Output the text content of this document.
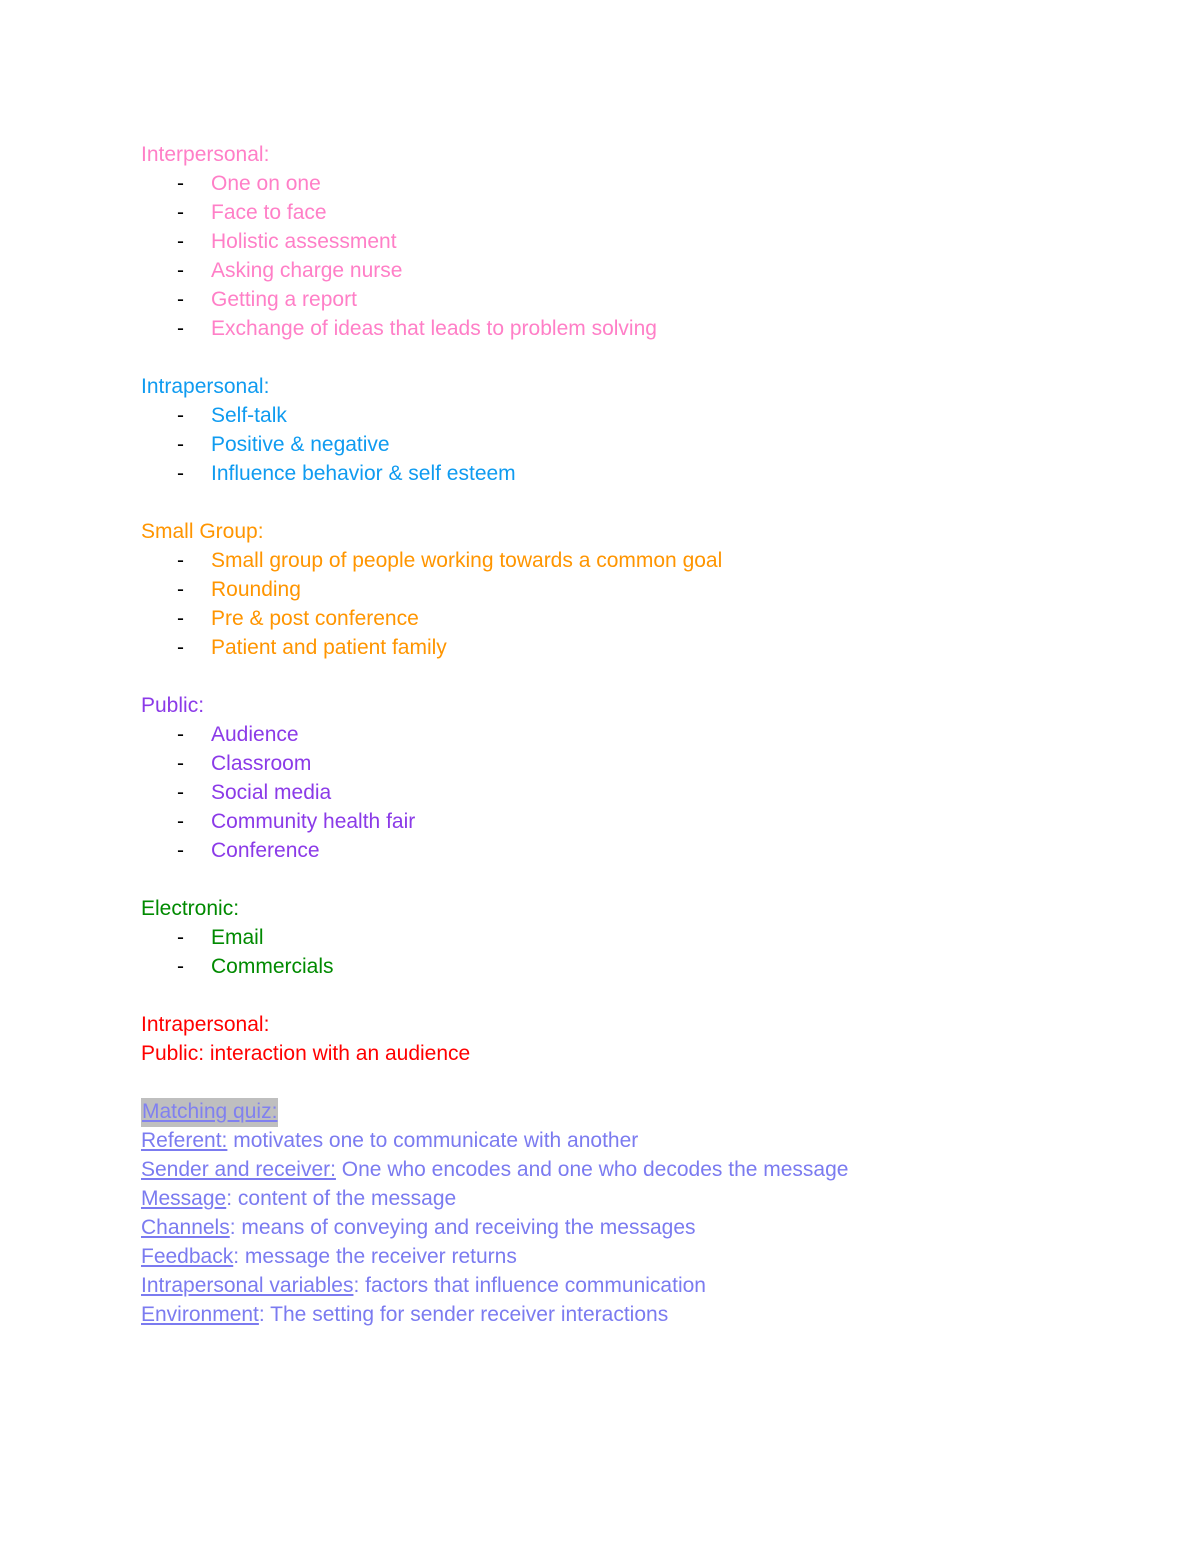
Interpersonal:
- One on one
- Face to face
- Holistic assessment
- Asking charge nurse
- Getting a report
- Exchange of ideas that leads to problem solving
Intrapersonal:
- Self-talk
- Positive & negative
- Influence behavior & self esteem
Small Group:
- Small group of people working towards a common goal
- Rounding
- Pre & post conference
- Patient and patient family
Public:
- Audience
- Classroom
- Social media
- Community health fair
- Conference
Electronic:
- Email
- Commercials
Intrapersonal:
Public: interaction with an audience
Matching quiz:
Referent: motivates one to communicate with another
Sender and receiver: One who encodes and one who decodes the message
Message: content of the message
Channels: means of conveying and receiving the messages
Feedback: message the receiver returns
Intrapersonal variables: factors that influence communication
Environment: The setting for sender receiver interactions
